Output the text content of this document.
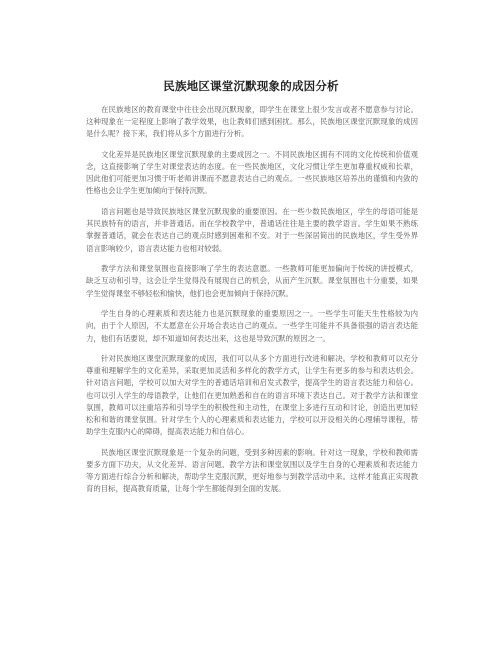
民族地区课堂沉默现象的成因分析

在民族地区的教育课堂中往往会出现沉默现象，即学生在课堂上很少发言或者不愿意参与讨论。这种现象在一定程度上影响了教学效果，也让教师们感到困扰。那么，民族地区课堂沉默现象的成因是什么呢？接下来，我们将从多个方面进行分析。

文化差异是民族地区课堂沉默现象的主要成因之一。不同民族地区拥有不同的文化传统和价值观念，这直接影响了学生对课堂表达的态度。在一些民族地区，文化习惯让学生更加尊重权威和长辈，因此他们可能更加习惯于听老师讲课而不愿意表达自己的观点。一些民族地区培养出的谨慎和内敛的性格也会让学生更加倾向于保持沉默。

语言问题也是导致民族地区课堂沉默现象的重要原因。在一些少数民族地区，学生的母语可能是其民族特有的语言，并非普通话。而在学校教学中，普通话往往是主要的教学语言。学生如果不熟练掌握普通话，就会在表达自己的观点时感到困难和不安。对于一些深居简出的民族地区，学生受外界语言影响较少，语言表达能力也相对较弱。

教学方法和课堂氛围也直接影响了学生的表达意愿。一些教师可能更加偏向于传统的讲授模式，缺乏互动和引导，这会让学生觉得没有展现自己的机会，从而产生沉默。课堂氛围也十分重要，如果学生觉得课堂不够轻松和愉快，他们也会更加倾向于保持沉默。

学生自身的心理素质和表达能力也是沉默现象的重要原因之一。一些学生可能天生性格较为内向，由于个人原因，不太愿意在公开场合表达自己的观点。一些学生可能并不具备很强的语言表达能力，他们有话要说，却不知道如何表达出来，这也是导致沉默的原因之一。

针对民族地区课堂沉默现象的成因，我们可以从多个方面进行改进和解决。学校和教师可以充分尊重和理解学生的文化差异，采取更加灵活和多样化的教学方式，让学生有更多的参与和表达机会。针对语言问题，学校可以加大对学生的普通话培训和启发式教学，提高学生的语言表达能力和信心。也可以引入学生的母语教学，让他们在更加熟悉和自在的语言环境下表达自己。对于教学方法和课堂氛围，教师可以注重培养和引导学生的积极性和主动性，在课堂上多进行互动和讨论，创造出更加轻松和和谐的课堂氛围。针对学生个人的心理素质和表达能力，学校可以开设相关的心理辅导课程，帮助学生克服内心的障碍，提高表达能力和自信心。

民族地区课堂沉默现象是一个复杂的问题，受到多种因素的影响。针对这一现象，学校和教师需要多方面下功夫，从文化差异、语言问题、教学方法和课堂氛围以及学生自身的心理素质和表达能力等方面进行综合分析和解决，帮助学生克服沉默，更好地参与到教学活动中来。这样才能真正实现教育的目标，提高教育质量，让每个学生都能得到全面的发展。
